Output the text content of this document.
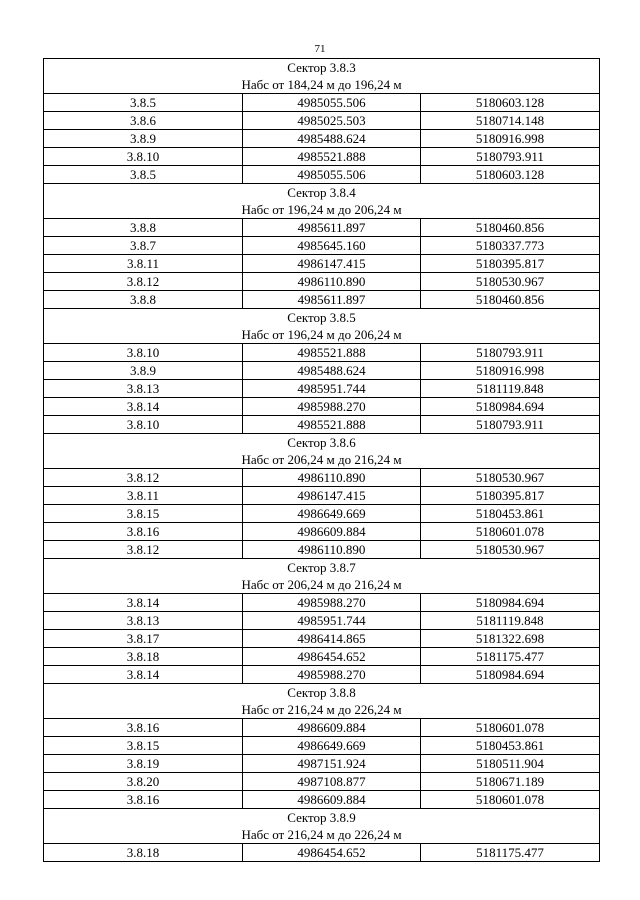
71
Сектор 3.8.3
Набс от 184,24 м до 196,24 м		

3.8.5	4985055.506	5180603.128
3.8.6	4985025.503	5180714.148
3.8.9	4985488.624	5180916.998
3.8.10	4985521.888	5180793.911
3.8.5	4985055.506	5180603.128

Сектор 3.8.4
Набс от 196,24 м до 206,24 м		

3.8.8	4985611.897	5180460.856
3.8.7	4985645.160	5180337.773
3.8.11	4986147.415	5180395.817
3.8.12	4986110.890	5180530.967
3.8.8	4985611.897	5180460.856

Сектор 3.8.5
Набс от 196,24 м до 206,24 м		

3.8.10	4985521.888	5180793.911
3.8.9	4985488.624	5180916.998
3.8.13	4985951.744	5181119.848
3.8.14	4985988.270	5180984.694
3.8.10	4985521.888	5180793.911

Сектор 3.8.6
Набс от 206,24 м до 216,24 м		

3.8.12	4986110.890	5180530.967
3.8.11	4986147.415	5180395.817
3.8.15	4986649.669	5180453.861
3.8.16	4986609.884	5180601.078
3.8.12	4986110.890	5180530.967

Сектор 3.8.7
Набс от 206,24 м до 216,24 м		

3.8.14	4985988.270	5180984.694
3.8.13	4985951.744	5181119.848
3.8.17	4986414.865	5181322.698
3.8.18	4986454.652	5181175.477
3.8.14	4985988.270	5180984.694

Сектор 3.8.8
Набс от 216,24 м до 226,24 м		

3.8.16	4986609.884	5180601.078
3.8.15	4986649.669	5180453.861
3.8.19	4987151.924	5180511.904
3.8.20	4987108.877	5180671.189
3.8.16	4986609.884	5180601.078

Сектор 3.8.9
Набс от 216,24 м до 226,24 м		

3.8.18	4986454.652	5181175.477
